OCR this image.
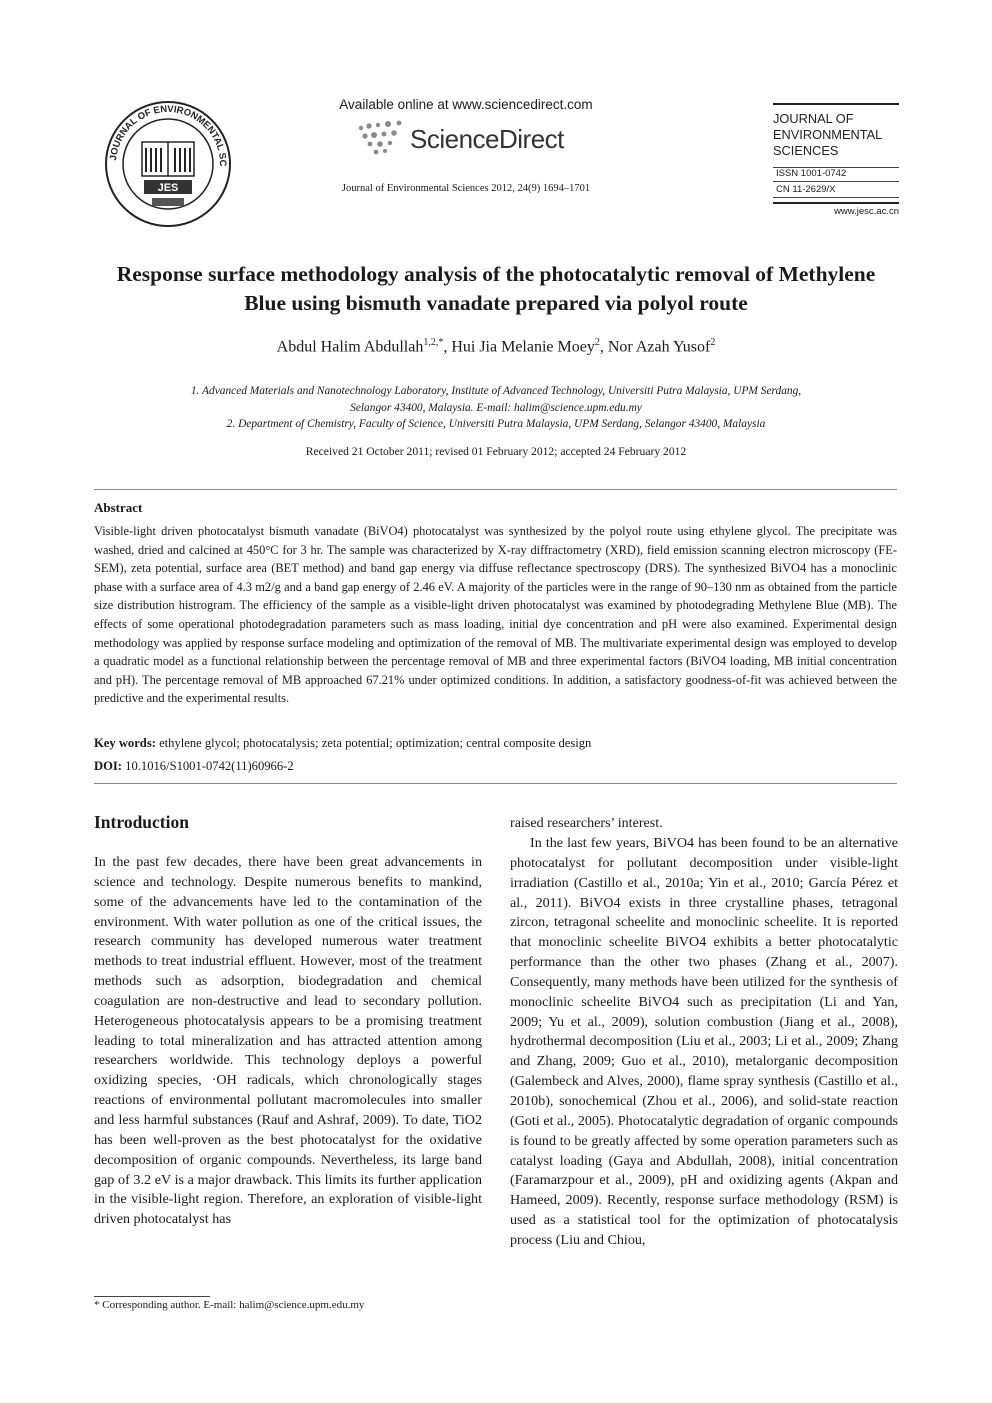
JOURNAL OF ENVIRONMENTAL SC
JES
Available online at www.sciencedirect.com
ScienceDirect
Journal of Environmental Sciences 2012, 24(9) 1694–1701
JOURNAL OF ENVIRONMENTAL SCIENCES
ISSN 1001-0742
CN 11-2629/X
www.jesc.ac.cn
Response surface methodology analysis of the photocatalytic removal of Methylene Blue using bismuth vanadate prepared via polyol route
Abdul Halim Abdullah$^{1,2,*}$, Hui Jia Melanie Moey$^2$, Nor Azah Yusof$^2$
1. Advanced Materials and Nanotechnology Laboratory, Institute of Advanced Technology, Universiti Putra Malaysia, UPM Serdang,
Selangor 43400, Malaysia. E-mail: halim@science.upm.edu.my
2. Department of Chemistry, Faculty of Science, Universiti Putra Malaysia, UPM Serdang, Selangor 43400, Malaysia
Received 21 October 2011; revised 01 February 2012; accepted 24 February 2012
Abstract
Visible-light driven photocatalyst bismuth vanadate (BiVO4) photocatalyst was synthesized by the polyol route using ethylene glycol. The precipitate was washed, dried and calcined at 450°C for 3 hr. The sample was characterized by X-ray diffractometry (XRD), field emission scanning electron microscopy (FE-SEM), zeta potential, surface area (BET method) and band gap energy via diffuse reflectance spectroscopy (DRS). The synthesized BiVO4 has a monoclinic phase with a surface area of 4.3 m2/g and a band gap energy of 2.46 eV. A majority of the particles were in the range of 90–130 nm as obtained from the particle size distribution histrogram. The efficiency of the sample as a visible-light driven photocatalyst was examined by photodegrading Methylene Blue (MB). The effects of some operational photodegradation parameters such as mass loading, initial dye concentration and pH were also examined. Experimental design methodology was applied by response surface modeling and optimization of the removal of MB. The multivariate experimental design was employed to develop a quadratic model as a functional relationship between the percentage removal of MB and three experimental factors (BiVO4 loading, MB initial concentration and pH). The percentage removal of MB approached 67.21% under optimized conditions. In addition, a satisfactory goodness-of-fit was achieved between the predictive and the experimental results.
Key words: ethylene glycol; photocatalysis; zeta potential; optimization; central composite design
DOI: 10.1016/S1001-0742(11)60966-2
Introduction
In the past few decades, there have been great advancements in science and technology. Despite numerous benefits to mankind, some of the advancements have led to the contamination of the environment. With water pollution as one of the critical issues, the research community has developed numerous water treatment methods to treat industrial effluent. However, most of the treatment methods such as adsorption, biodegradation and chemical coagulation are non-destructive and lead to secondary pollution. Heterogeneous photocatalysis appears to be a promising treatment leading to total mineralization and has attracted attention among researchers worldwide. This technology deploys a powerful oxidizing species, ·OH radicals, which chronologically stages reactions of environmental pollutant macromolecules into smaller and less harmful substances (Rauf and Ashraf, 2009). To date, TiO2 has been well-proven as the best photocatalyst for the oxidative decomposition of organic compounds. Nevertheless, its large band gap of 3.2 eV is a major drawback. This limits its further application in the visible-light region. Therefore, an exploration of visible-light driven photocatalyst has
raised researchers’ interest.
In the last few years, BiVO4 has been found to be an alternative photocatalyst for pollutant decomposition under visible-light irradiation (Castillo et al., 2010a; Yin et al., 2010; García Pérez et al., 2011). BiVO4 exists in three crystalline phases, tetragonal zircon, tetragonal scheelite and monoclinic scheelite. It is reported that monoclinic scheelite BiVO4 exhibits a better photocatalytic performance than the other two phases (Zhang et al., 2007). Consequently, many methods have been utilized for the synthesis of monoclinic scheelite BiVO4 such as precipitation (Li and Yan, 2009; Yu et al., 2009), solution combustion (Jiang et al., 2008), hydrothermal decomposition (Liu et al., 2003; Li et al., 2009; Zhang and Zhang, 2009; Guo et al., 2010), metalorganic decomposition (Galembeck and Alves, 2000), flame spray synthesis (Castillo et al., 2010b), sonochemical (Zhou et al., 2006), and solid-state reaction (Goti et al., 2005). Photocatalytic degradation of organic compounds is found to be greatly affected by some operation parameters such as catalyst loading (Gaya and Abdullah, 2008), initial concentration (Faramarzpour et al., 2009), pH and oxidizing agents (Akpan and Hameed, 2009). Recently, response surface methodology (RSM) is used as a statistical tool for the optimization of photocatalysis process (Liu and Chiou,
* Corresponding author. E-mail: halim@science.upm.edu.my
